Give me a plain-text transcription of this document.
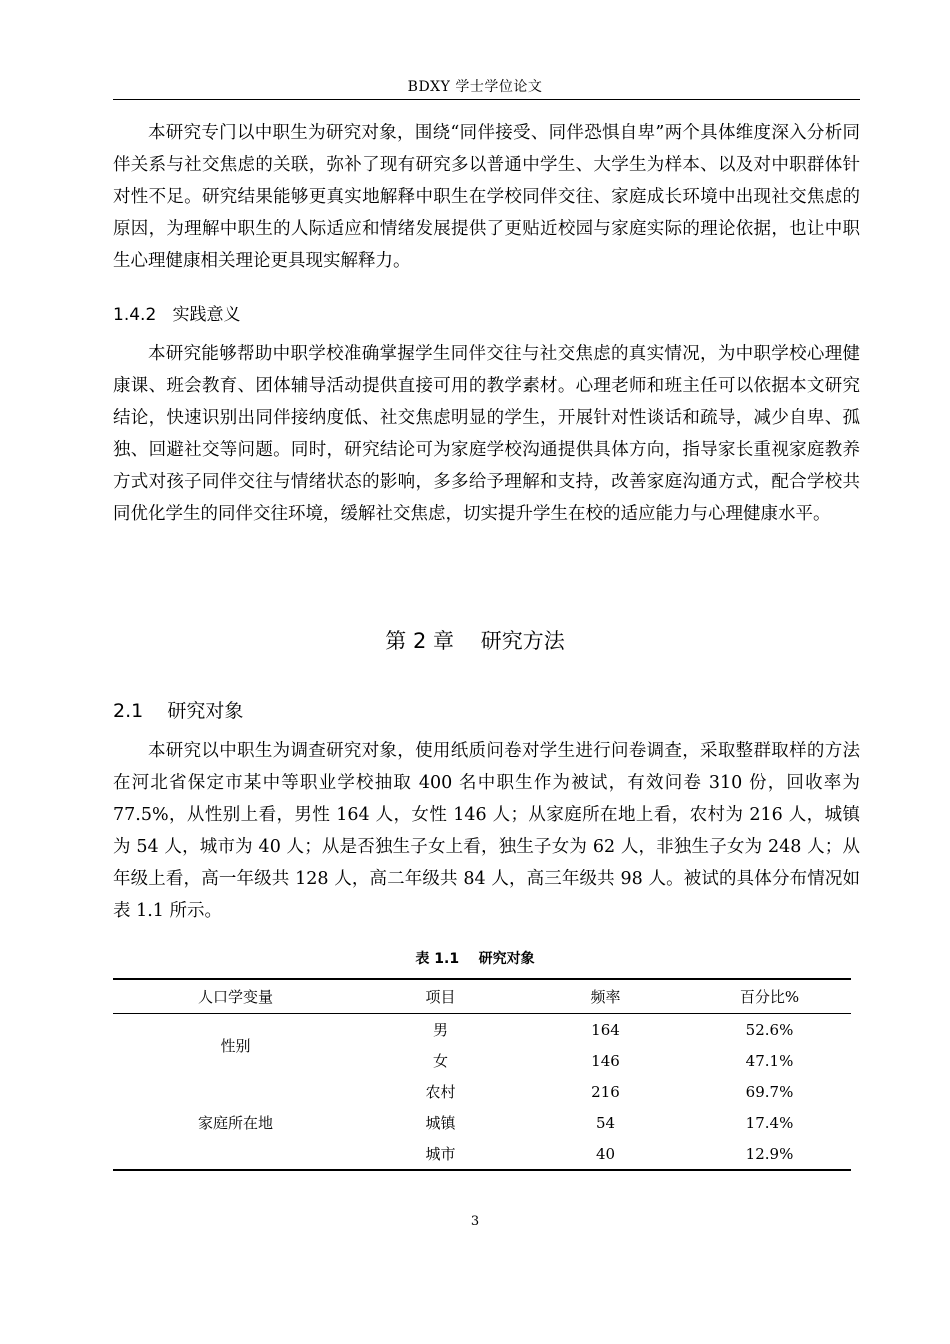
BDXY 学士学位论文

本研究专门以中职生为研究对象，围绕“同伴接受、同伴恐惧自卑”两个具体维度深入分析同伴关系与社交焦虑的关联，弥补了现有研究多以普通中学生、大学生为样本、以及对中职群体针对性不足。研究结果能够更真实地解释中职生在学校同伴交往、家庭成长环境中出现社交焦虑的原因，为理解中职生的人际适应和情绪发展提供了更贴近校园与家庭实际的理论依据，也让中职生心理健康相关理论更具现实解释力。

1.4.2   实践意义

本研究能够帮助中职学校准确掌握学生同伴交往与社交焦虑的真实情况，为中职学校心理健康课、班会教育、团体辅导活动提供直接可用的教学素材。心理老师和班主任可以依据本文研究结论，快速识别出同伴接纳度低、社交焦虑明显的学生，开展针对性谈话和疏导，减少自卑、孤独、回避社交等问题。同时，研究结论可为家庭学校沟通提供具体方向，指导家长重视家庭教养方式对孩子同伴交往与情绪状态的影响，多多给予理解和支持，改善家庭沟通方式，配合学校共同优化学生的同伴交往环境，缓解社交焦虑，切实提升学生在校的适应能力与心理健康水平。

第 2 章    研究方法
2.1    研究对象

本研究以中职生为调查研究对象，使用纸质问卷对学生进行问卷调查，采取整群取样的方法在河北省保定市某中等职业学校抽取 400 名中职生作为被试，有效问卷 310 份，回收率为 77.5%，从性别上看，男性 164 人，女性 146 人；从家庭所在地上看，农村为 216 人，城镇为 54 人，城市为 40 人；从是否独生子女上看，独生子女为 62 人，非独生子女为 248 人；从年级上看，高一年级共 128 人，高二年级共 84 人，高三年级共 98 人。被试的具体分布情况如表 1.1 所示。

表 1.1    研究对象
人口学变量	项目	频率	百分比%
性别	男	164	52.6%
	女	146	47.1%
家庭所在地	农村	216	69.7%
	城镇	54	17.4%
	城市	40	12.9%
3
